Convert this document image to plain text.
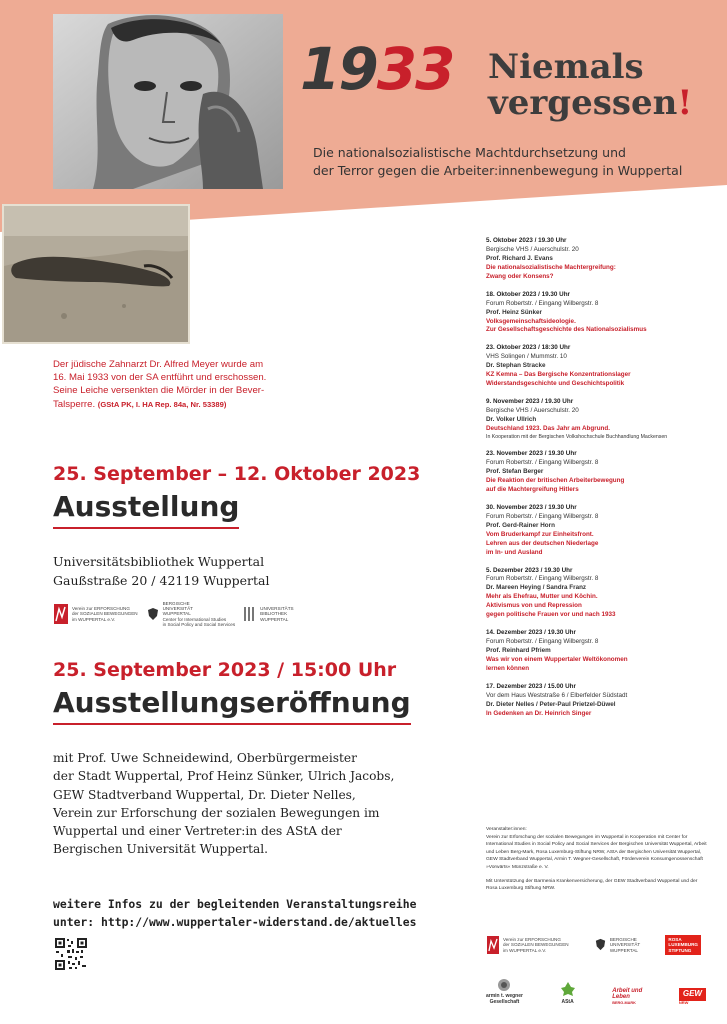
1933 Niemals
vergessen!
Die nationalsozialistische Machtdurchsetzung und
der Terror gegen die Arbeiter:innenbewegung in Wuppertal
Der jüdische Zahnarzt Dr. Alfred Meyer wurde am
16. Mai 1933 von der SA entführt und erschossen.
Seine Leiche versenkten die Mörder in der Bever-
Talsperre. (GStA PK, I. HA Rep. 84a, Nr. 53389)
25. September – 12. Oktober 2023
Ausstellung
Universitätsbibliothek Wuppertal
Gaußstraße 20 / 42119 Wuppertal
Verein zur ERFORSCHUNG
der SOZIALEN BEWEGUNGEN
im WUPPERTAL e.V.
BERGISCHE
UNIVERSITÄT
WUPPERTAL
Center for International Studies
in Social Policy and Social Services
UNIVERSITÄTS
BIBLIOTHEK
WUPPERTAL
25. September 2023 / 15:00 Uhr
Ausstellungseröffnung
mit Prof. Uwe Schneidewind, Oberbürgermeister
der Stadt Wuppertal, Prof Heinz Sünker, Ulrich Jacobs,
GEW Stadtverband Wuppertal, Dr. Dieter Nelles,
Verein zur Erforschung der sozialen Bewegungen im
Wuppertal und einer Vertreter:in des AStA der
Bergischen Universität Wuppertal.
weitere Infos zu der begleitenden Veranstaltungsreihe
unter: http://www.wuppertaler-widerstand.de/aktuelles
5. Oktober 2023 / 19.30 Uhr
Bergische VHS / Auerschulstr. 20
Prof. Richard J. Evans
Die nationalsozialistische Machtergreifung:
Zwang oder Konsens?
18. Oktober 2023 / 19.30 Uhr
Forum Robertstr. / Eingang Wilbergstr. 8
Prof. Heinz Sünker
Volksgemeinschaftsideologie.
Zur Gesellschaftsgeschichte des Nationalsozialismus
23. Oktober 2023 / 18:30 Uhr
VHS Solingen / Mummstr. 10
Dr. Stephan Stracke
KZ Kemna – Das Bergische Konzentrationslager
Widerstandsgeschichte und Geschichtspolitik
9. November 2023 / 19.30 Uhr
Bergische VHS / Auerschulstr. 20
Dr. Volker Ullrich
Deutschland 1923. Das Jahr am Abgrund.
In Kooperation mit der Bergischen Volkshochschule Buchhandlung Mackensen
23. November 2023 / 19.30 Uhr
Forum Robertstr. / Eingang Wilbergstr. 8
Prof. Stefan Berger
Die Reaktion der britischen Arbeiterbewegung
auf die Machtergreifung Hitlers
30. November 2023 / 19.30 Uhr
Forum Robertstr. / Eingang Wilbergstr. 8
Prof. Gerd-Rainer Horn
Vom Bruderkampf zur Einheitsfront.
Lehren aus der deutschen Niederlage
im In- und Ausland
5. Dezember 2023 / 19.30 Uhr
Forum Robertstr. / Eingang Wilbergstr. 8
Dr. Mareen Heying / Sandra Franz
Mehr als Ehefrau, Mutter und Köchin.
Aktivismus von und Repression
gegen politische Frauen vor und nach 1933
14. Dezember 2023 / 19.30 Uhr
Forum Robertstr. / Eingang Wilbergstr. 8
Prof. Reinhard Pfriem
Was wir von einem Wuppertaler Weltökonomen
lernen können
17. Dezember 2023 / 15.00 Uhr
Vor dem Haus Weststraße 6 / Elberfelder Südstadt
Dr. Dieter Nelles / Peter-Paul Prietzel-Düwel
In Gedenken an Dr. Heinrich Singer

Veranstalter:innen:
Verein zur Erforschung der sozialen Bewegungen im Wuppertal in Kooperation mit Center for International Studies in Social Policy and Social Services der Bergischen Universität Wuppertal, Arbeit und Leben Berg-Mark, Rosa Luxemburg-Stiftung NRW, AStA der Bergischen Universität Wuppertal, GEW Stadtverband Wuppertal, Armin T. Wegner-Gesellschaft, Förderverein Konsumgenossenschaft »Vorwärts« Münzstraße e. V.

Mit Unterstützung der Barmenia Krankenversicherung, der GEW Stadtverband Wuppertal und der Rosa Luxemburg Stiftung NRW.

Verein zur ERFORSCHUNG
der SOZIALEN BEWEGUNGEN
im WUPPERTAL e.V.
BERGISCHE
UNIVERSITÄT
WUPPERTAL
ROSA
LUXEMBURG
STIFTUNG
armin t. wegner
Gesellschaft	AStA
Arbeit und
Leben
BERG-MARK
GEW
NRW
